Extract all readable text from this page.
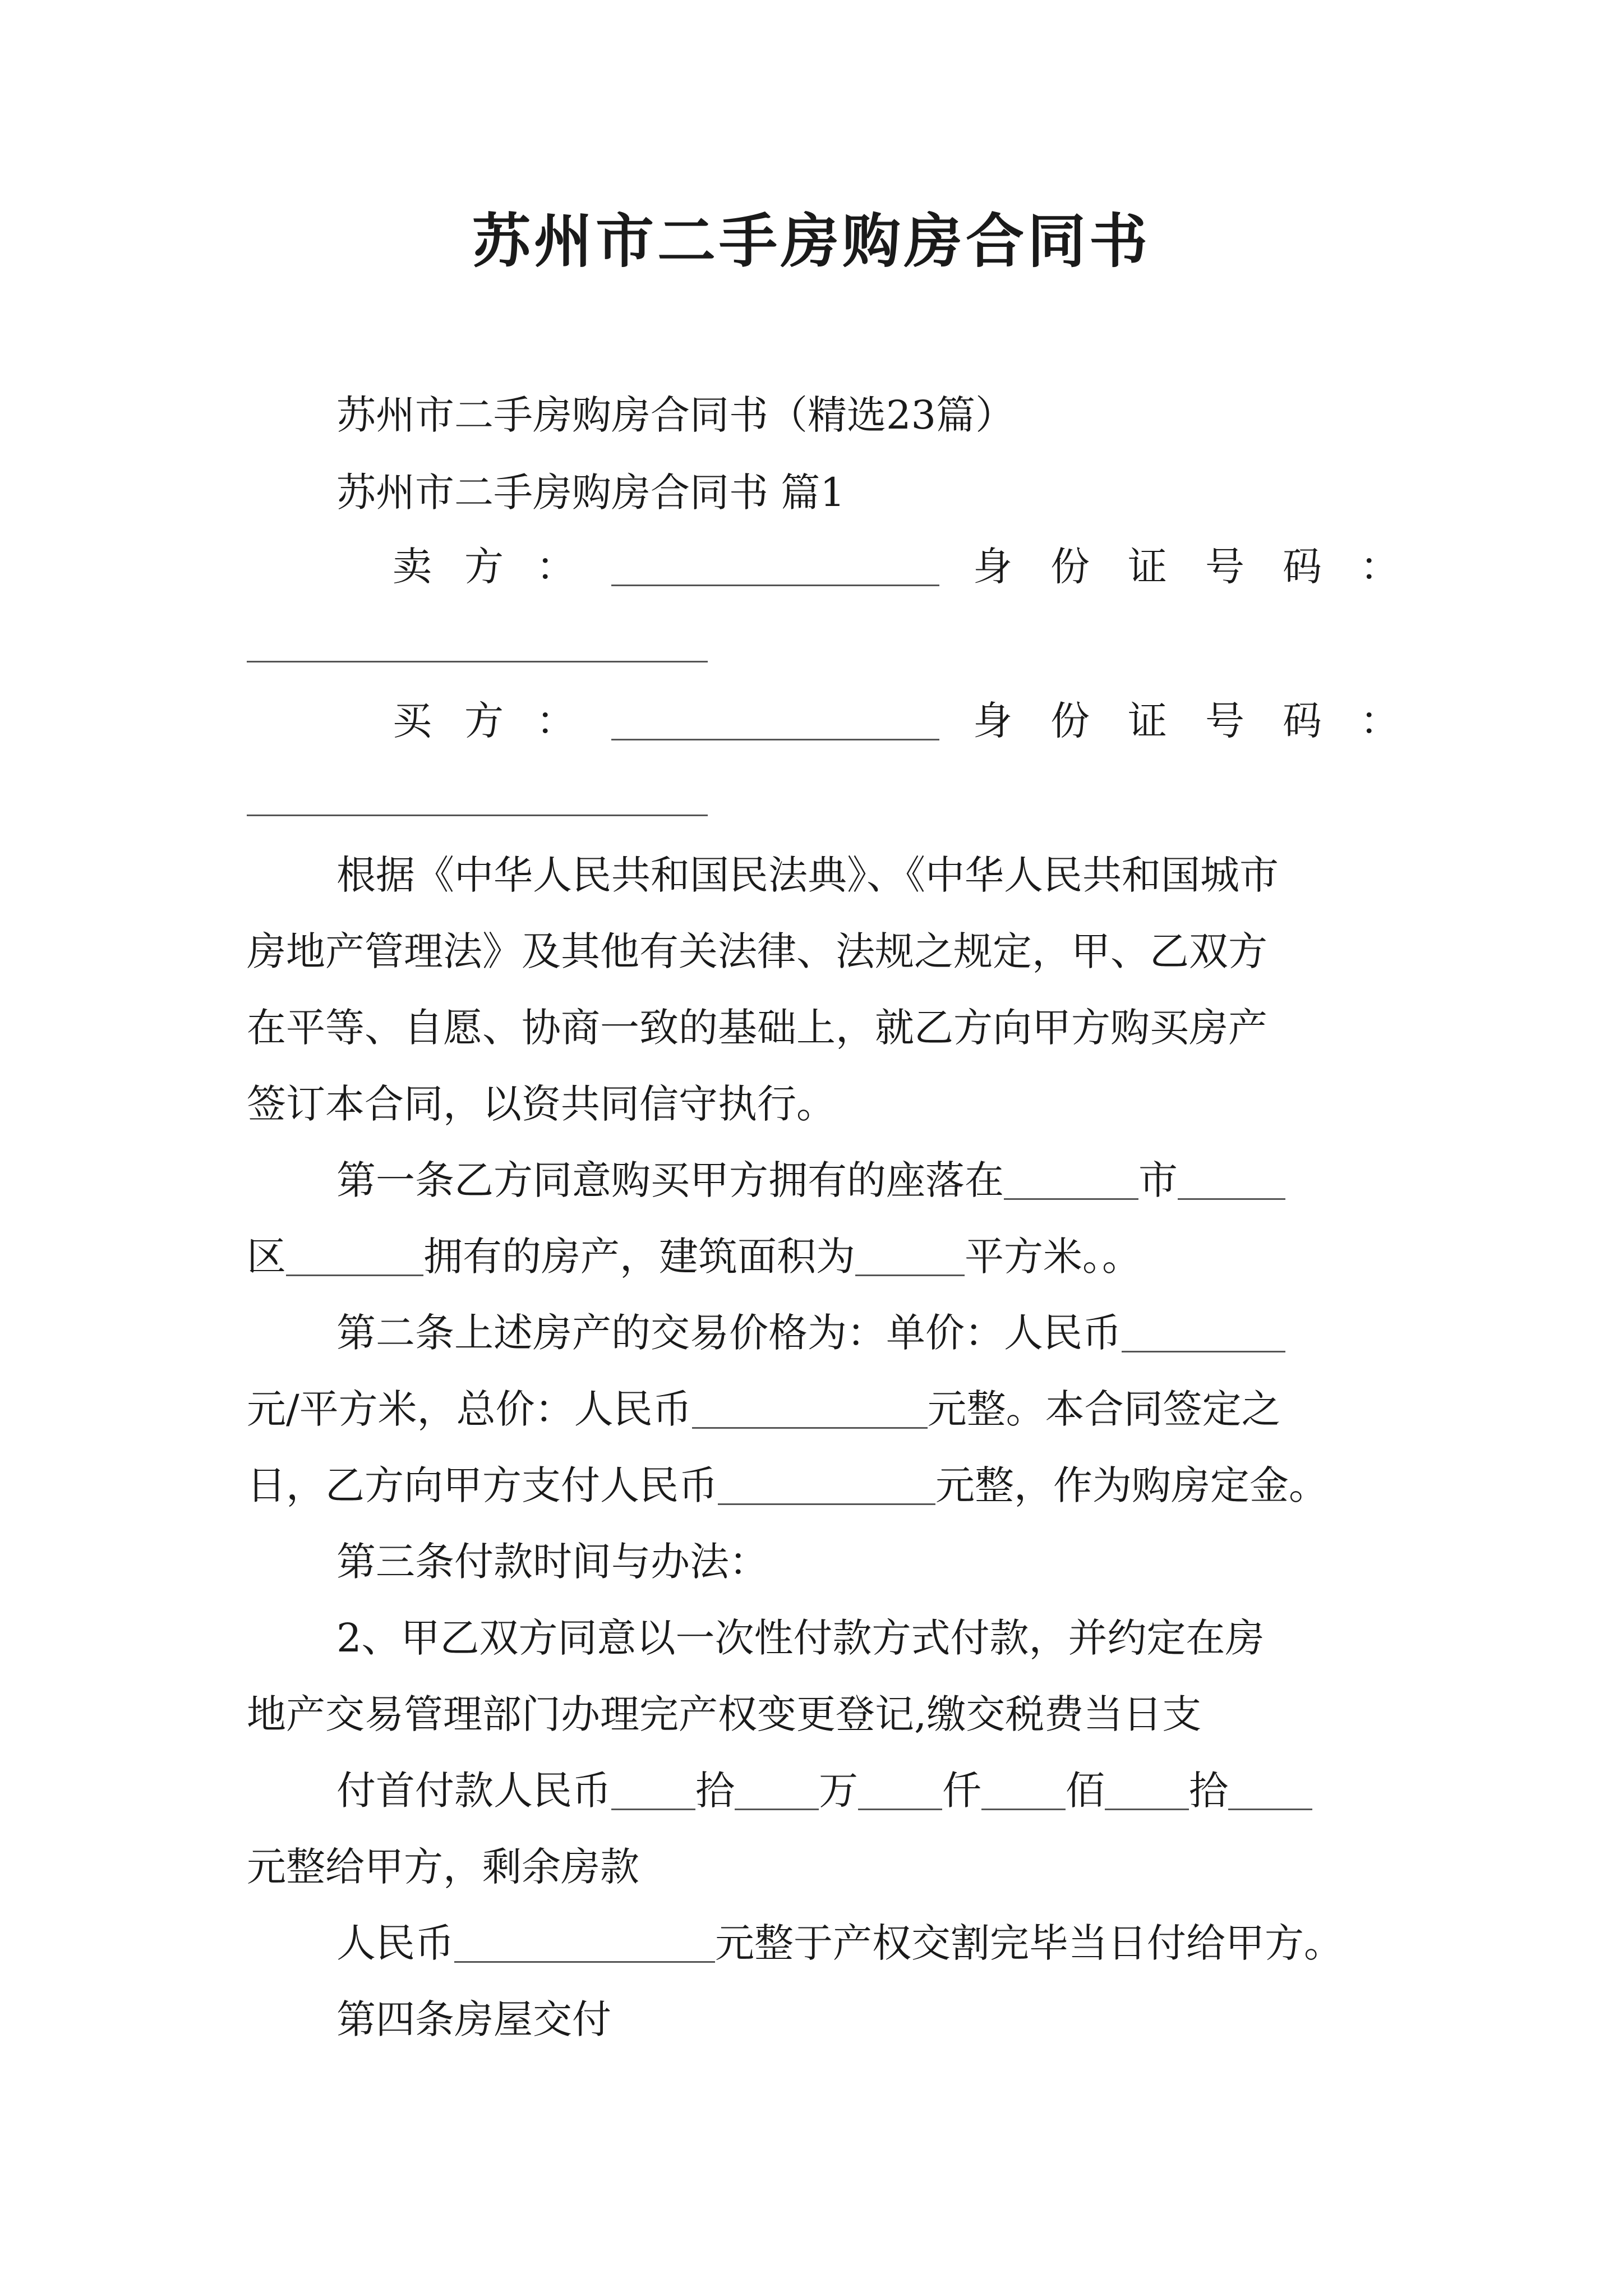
苏州市二手房购房合同书
苏州市二手房购房合同书（精选23篇）
苏州市二手房购房合同书 篇1
卖方：	身份证号码：
买方：	身份证号码：
根据《中华人民共和国民法典》、《中华人民共和国城市
房地产管理法》及其他有关法律、法规之规定，甲、乙双方
在平等、自愿、协商一致的基础上，就乙方向甲方购买房产
签订本合同，以资共同信守执行。
第一条乙方同意购买甲方拥有的座落在	市
区	拥有的房产，建筑面积为	平方米。。
第二条上述房产的交易价格为：单价：人民币
元/平方米，总价：人民币	元整。本合同签定之
日，乙方向甲方支付人民币	元整，作为购房定金。
第三条付款时间与办法：
2、甲乙双方同意以一次性付款方式付款，并约定在房
地产交易管理部门办理完产权变更登记,缴交税费当日支
付首付款人民币 拾 万 仟 佰 拾
元整给甲方，剩余房款
人民币	元整于产权交割完毕当日付给甲方。
第四条房屋交付
